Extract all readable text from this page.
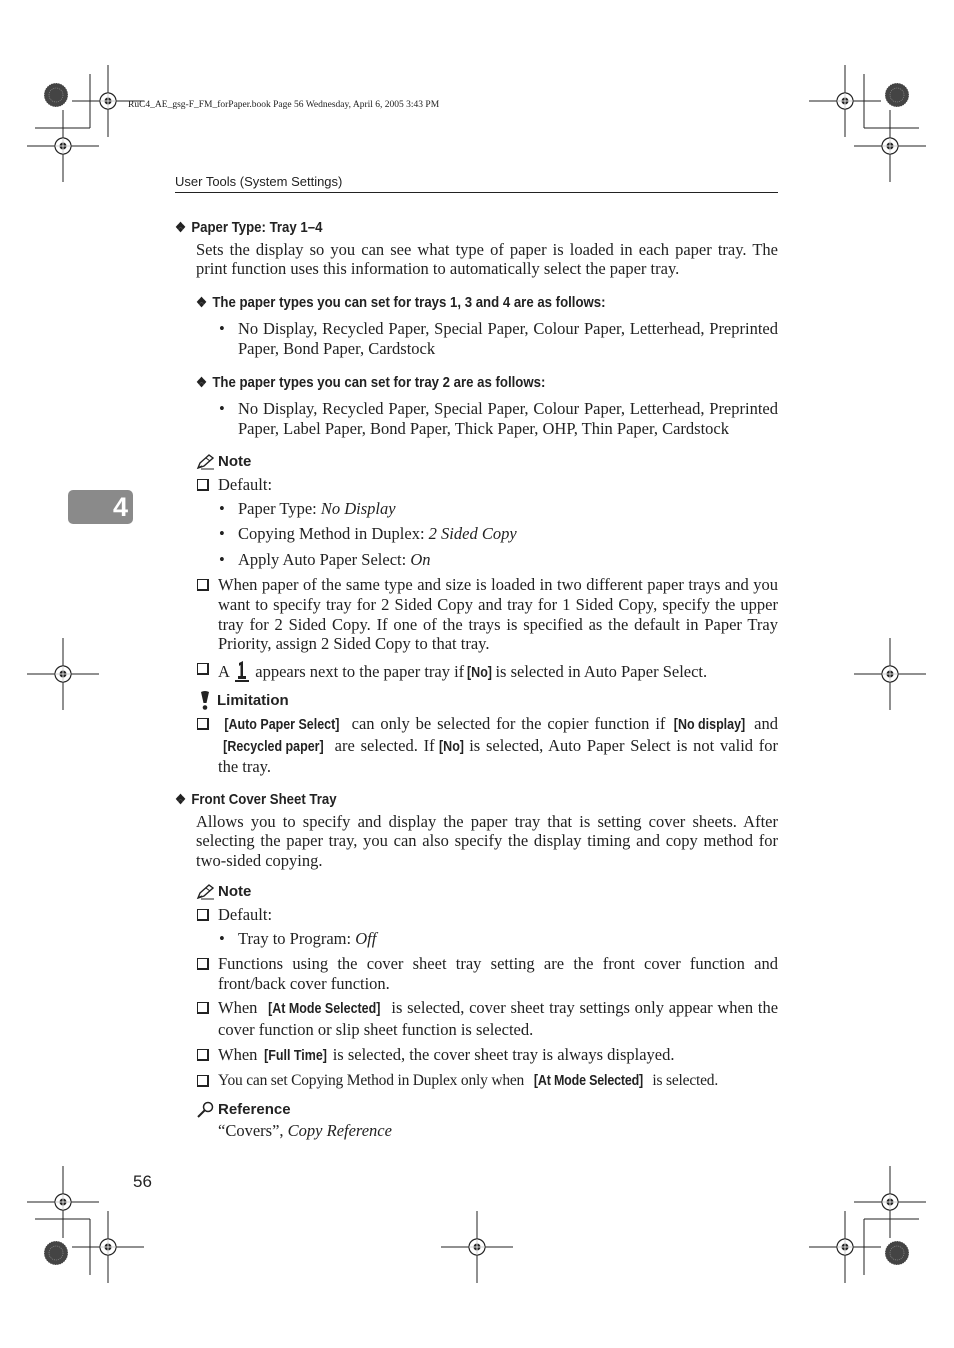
RuC4_AE_gsg-F_FM_forPaper.book Page 56 Wednesday, April 6, 2005 3:43 PM
User Tools (System Settings)
4
❖ Paper Type: Tray 1–4
Sets the display so you can see what type of paper is loaded in each paper tray. The print function uses this information to automatically select the paper tray.
❖ The paper types you can set for trays 1, 3 and 4 are as follows:
• No Display, Recycled Paper, Special Paper, Colour Paper, Letterhead, Preprinted Paper, Bond Paper, Cardstock
❖ The paper types you can set for tray 2 are as follows:
• No Display, Recycled Paper, Special Paper, Colour Paper, Letterhead, Preprinted Paper, Label Paper, Bond Paper, Thick Paper, OHP, Thin Paper, Cardstock
Note
Default:
• Paper Type: No Display
• Copying Method in Duplex: 2 Sided Copy
• Apply Auto Paper Select: On
When paper of the same type and size is loaded in two different paper trays and you want to specify tray for 2 Sided Copy and tray for 1 Sided Copy, specify the upper tray for 2 Sided Copy. If one of the trays is specified as the default in Paper Tray Priority, assign 2 Sided Copy to that tray.
A appears next to the paper tray if [No] is selected in Auto Paper Select.
Limitation
[Auto Paper Select] can only be selected for the copier function if [No display] and [Recycled paper] are selected. If [No] is selected, Auto Paper Select is not valid for the tray.
❖ Front Cover Sheet Tray
Allows you to specify and display the paper tray that is setting cover sheets. After selecting the paper tray, you can also specify the display timing and copy method for two-sided copying.
Note
Default:
• Tray to Program: Off
Functions using the cover sheet tray setting are the front cover function and front/back cover function.
When [At Mode Selected] is selected, cover sheet tray settings only appear when the cover function or slip sheet function is selected.
When [Full Time] is selected, the cover sheet tray is always displayed.
You can set Copying Method in Duplex only when [At Mode Selected] is selected.
Reference
“Covers”, Copy Reference
56
